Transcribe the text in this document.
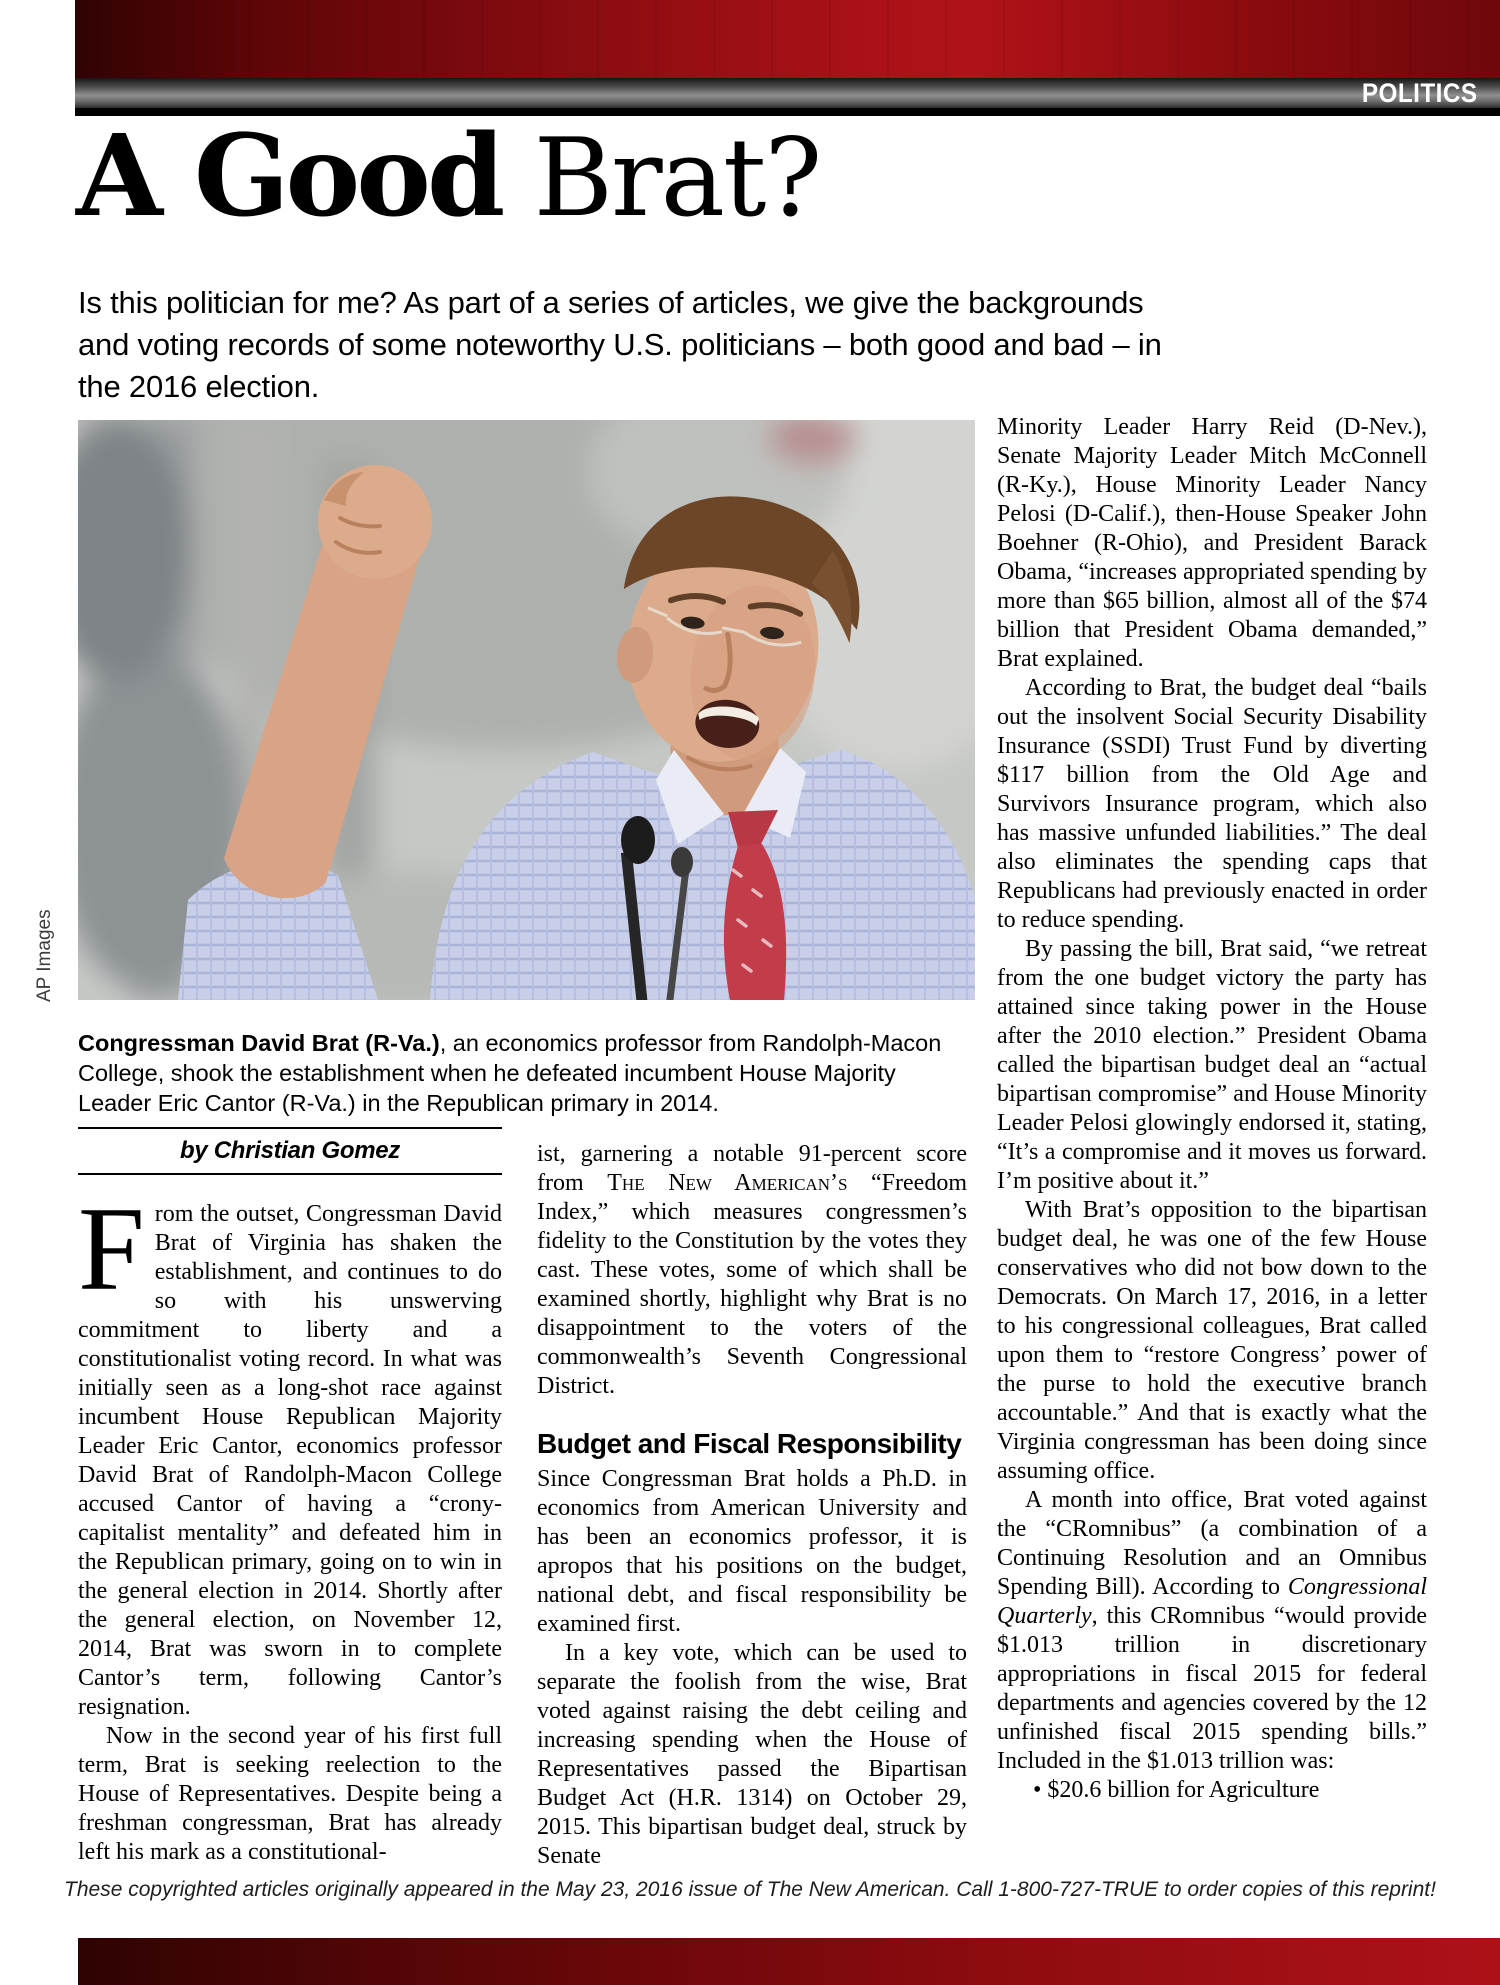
POLITICS
A Good Brat?

Is this politician for me? As part of a series of articles, we give the backgrounds and voting records of some noteworthy U.S. politicians – both good and bad – in the 2016 election.

AP Images

Congressman David Brat (R-Va.), an economics professor from Randolph-Macon College, shook the establishment when he defeated incumbent House Majority Leader Eric Cantor (R-Va.) in the Republican primary in 2014.

by Christian Gomez

From the outset, Congressman David Brat of Virginia has shaken the establishment, and continues to do so with his unswerving commitment to liberty and a constitutionalist voting record. In what was initially seen as a long-shot race against incumbent House Republican Majority Leader Eric Cantor, economics professor David Brat of Randolph-Macon College accused Cantor of having a “crony-capitalist mentality” and defeated him in the Republican primary, going on to win in the general election in 2014. Shortly after the general election, on November 12, 2014, Brat was sworn in to complete Cantor’s term, following Cantor’s resignation.

Now in the second year of his first full term, Brat is seeking reelection to the House of Representatives. Despite being a freshman congressman, Brat has already left his mark as a constitutional-

ist, garnering a notable 91-percent score from The New American’s “Freedom Index,” which measures congressmen’s fidelity to the Constitution by the votes they cast. These votes, some of which shall be examined shortly, highlight why Brat is no disappointment to the voters of the commonwealth’s Seventh Congressional District.

Budget and Fiscal Responsibility

Since Congressman Brat holds a Ph.D. in economics from American University and has been an economics professor, it is apropos that his positions on the budget, national debt, and fiscal responsibility be examined first.

In a key vote, which can be used to separate the foolish from the wise, Brat voted against raising the debt ceiling and increasing spending when the House of Representatives passed the Bipartisan Budget Act (H.R. 1314) on October 29, 2015. This bipartisan budget deal, struck by Senate

Minority Leader Harry Reid (D-Nev.), Senate Majority Leader Mitch McConnell (R-Ky.), House Minority Leader Nancy Pelosi (D-Calif.), then-House Speaker John Boehner (R-Ohio), and President Barack Obama, “increases appropriated spending by more than $65 billion, almost all of the $74 billion that President Obama demanded,” Brat explained.

According to Brat, the budget deal “bails out the insolvent Social Security Disability Insurance (SSDI) Trust Fund by diverting $117 billion from the Old Age and Survivors Insurance program, which also has massive unfunded liabilities.” The deal also eliminates the spending caps that Republicans had previously enacted in order to reduce spending.

By passing the bill, Brat said, “we retreat from the one budget victory the party has attained since taking power in the House after the 2010 election.” President Obama called the bipartisan budget deal an “actual bipartisan compromise” and House Minority Leader Pelosi glowingly endorsed it, stating, “It’s a compromise and it moves us forward. I’m positive about it.”

With Brat’s opposition to the bipartisan budget deal, he was one of the few House conservatives who did not bow down to the Democrats. On March 17, 2016, in a letter to his congressional colleagues, Brat called upon them to “restore Congress’ power of the purse to hold the executive branch accountable.” And that is exactly what the Virginia congressman has been doing since assuming office.

A month into office, Brat voted against the “CRomnibus” (a combination of a Continuing Resolution and an Omnibus Spending Bill). According to Congressional Quarterly, this CRomnibus “would provide $1.013 trillion in discretionary appropriations in fiscal 2015 for federal departments and agencies covered by the 12 unfinished fiscal 2015 spending bills.” Included in the $1.013 trillion was:

• $20.6 billion for Agriculture

These copyrighted articles originally appeared in the May 23, 2016 issue of The New American. Call 1-800-727-TRUE to order copies of this reprint!
